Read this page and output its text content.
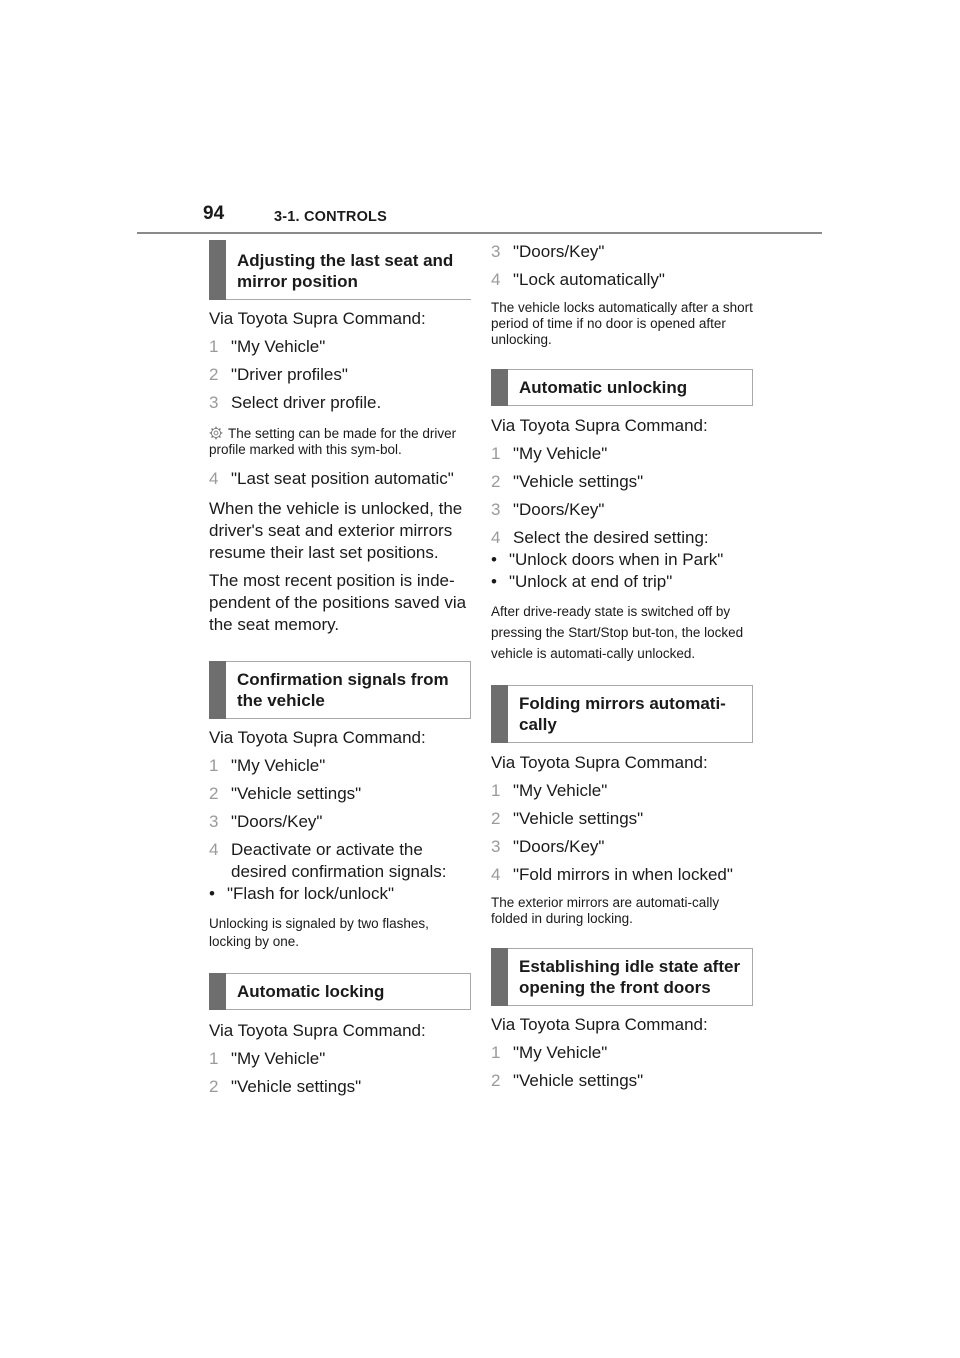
94	3-1. CONTROLS
Adjusting the last seat and mirror position

Via Toyota Supra Command:

1 "My Vehicle"
2 "Driver profiles"
3 Select driver profile.

The setting can be made for the driver profile marked with this sym-bol.

4 "Last seat position automatic"

When the vehicle is unlocked, the driver's seat and exterior mirrors resume their last set positions.

The most recent position is inde-pendent of the positions saved via the seat memory.

Confirmation signals from the vehicle

Via Toyota Supra Command:

1 "My Vehicle"
2 "Vehicle settings"
3 "Doors/Key"
4 Deactivate or activate the desired confirmation signals:
• "Flash for lock/unlock"

Unlocking is signaled by two flashes, locking by one.

Automatic locking

Via Toyota Supra Command:

1 "My Vehicle"
2 "Vehicle settings"
3 "Doors/Key"
4 "Lock automatically"

The vehicle locks automatically after a short period of time if no door is opened after unlocking.

Automatic unlocking

Via Toyota Supra Command:

1 "My Vehicle"
2 "Vehicle settings"
3 "Doors/Key"
4 Select the desired setting:
• "Unlock doors when in Park"
• "Unlock at end of trip"

After drive-ready state is switched off by pressing the Start/Stop but-ton, the locked vehicle is automati-cally unlocked.

Folding mirrors automati-cally

Via Toyota Supra Command:

1 "My Vehicle"
2 "Vehicle settings"
3 "Doors/Key"
4 "Fold mirrors in when locked"

The exterior mirrors are automati-cally folded in during locking.

Establishing idle state after opening the front doors

Via Toyota Supra Command:

1 "My Vehicle"
2 "Vehicle settings"
